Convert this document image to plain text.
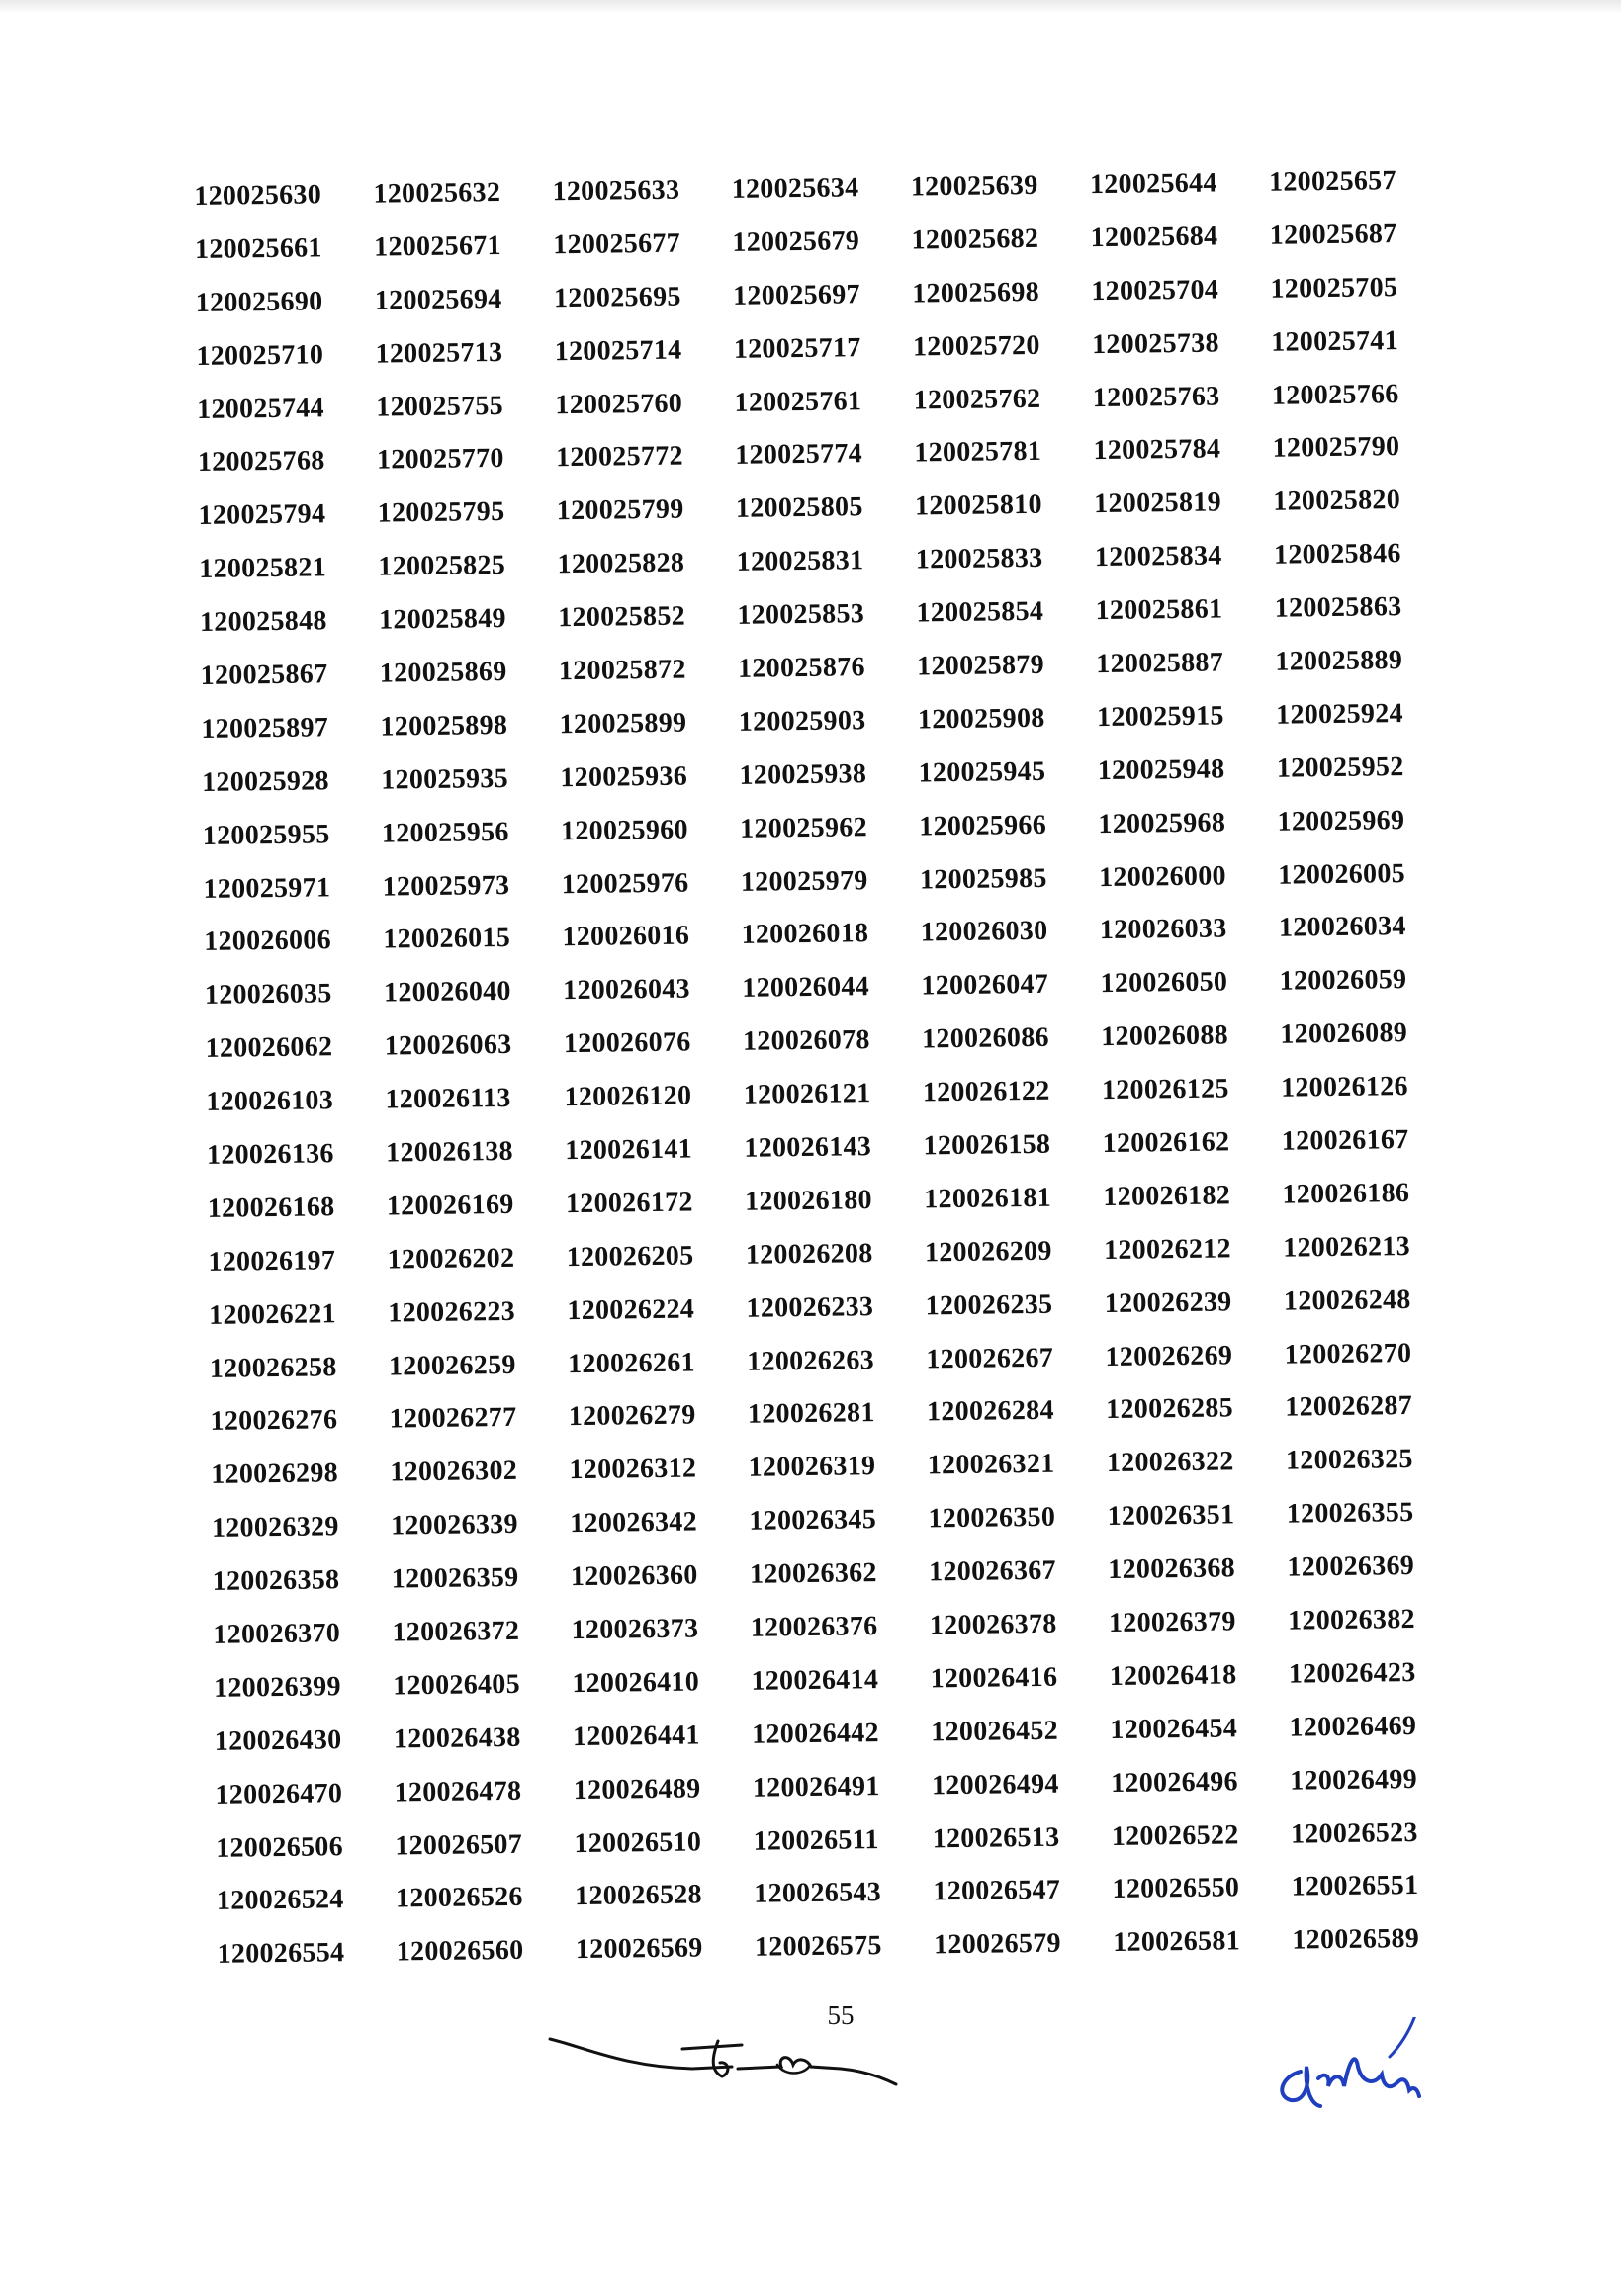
120025630	120025632	120025633	120025634	120025639	120025644	120025657
120025661	120025671	120025677	120025679	120025682	120025684	120025687
120025690	120025694	120025695	120025697	120025698	120025704	120025705
120025710	120025713	120025714	120025717	120025720	120025738	120025741
120025744	120025755	120025760	120025761	120025762	120025763	120025766
120025768	120025770	120025772	120025774	120025781	120025784	120025790
120025794	120025795	120025799	120025805	120025810	120025819	120025820
120025821	120025825	120025828	120025831	120025833	120025834	120025846
120025848	120025849	120025852	120025853	120025854	120025861	120025863
120025867	120025869	120025872	120025876	120025879	120025887	120025889
120025897	120025898	120025899	120025903	120025908	120025915	120025924
120025928	120025935	120025936	120025938	120025945	120025948	120025952
120025955	120025956	120025960	120025962	120025966	120025968	120025969
120025971	120025973	120025976	120025979	120025985	120026000	120026005
120026006	120026015	120026016	120026018	120026030	120026033	120026034
120026035	120026040	120026043	120026044	120026047	120026050	120026059
120026062	120026063	120026076	120026078	120026086	120026088	120026089
120026103	120026113	120026120	120026121	120026122	120026125	120026126
120026136	120026138	120026141	120026143	120026158	120026162	120026167
120026168	120026169	120026172	120026180	120026181	120026182	120026186
120026197	120026202	120026205	120026208	120026209	120026212	120026213
120026221	120026223	120026224	120026233	120026235	120026239	120026248
120026258	120026259	120026261	120026263	120026267	120026269	120026270
120026276	120026277	120026279	120026281	120026284	120026285	120026287
120026298	120026302	120026312	120026319	120026321	120026322	120026325
120026329	120026339	120026342	120026345	120026350	120026351	120026355
120026358	120026359	120026360	120026362	120026367	120026368	120026369
120026370	120026372	120026373	120026376	120026378	120026379	120026382
120026399	120026405	120026410	120026414	120026416	120026418	120026423
120026430	120026438	120026441	120026442	120026452	120026454	120026469
120026470	120026478	120026489	120026491	120026494	120026496	120026499
120026506	120026507	120026510	120026511	120026513	120026522	120026523
120026524	120026526	120026528	120026543	120026547	120026550	120026551
120026554	120026560	120026569	120026575	120026579	120026581	120026589
55
